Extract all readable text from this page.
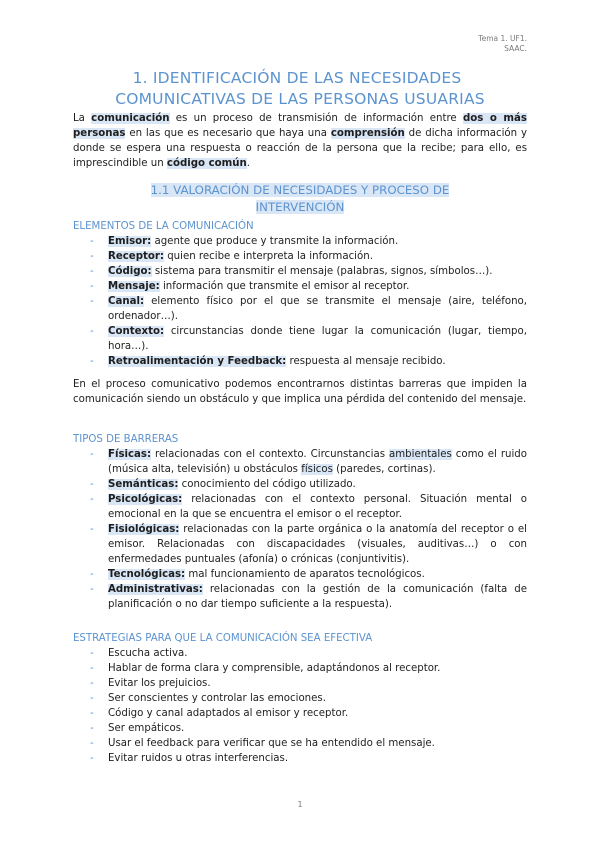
Tema 1. UF1.
SAAC.
1. IDENTIFICACIÓN DE LAS NECESIDADES
COMUNICATIVAS DE LAS PERSONAS USUARIAS

La comunicación es un proceso de transmisión de información entre dos o más personas en las que es necesario que haya una comprensión de dicha información y donde se espera una respuesta o reacción de la persona que la recibe; para ello, es imprescindible un código común.

1.1 VALORACIÓN DE NECESIDADES Y PROCESO DE INTERVENCIÓN
ELEMENTOS DE LA COMUNICACIÓN
- Emisor: agente que produce y transmite la información.
- Receptor: quien recibe e interpreta la información.
- Código: sistema para transmitir el mensaje (palabras, signos, símbolos…).
- Mensaje: información que transmite el emisor al receptor.
- Canal: elemento físico por el que se transmite el mensaje (aire, teléfono, ordenador…).
- Contexto: circunstancias donde tiene lugar la comunicación (lugar, tiempo, hora…).
- Retroalimentación y Feedback: respuesta al mensaje recibido.

En el proceso comunicativo podemos encontrarnos distintas barreras que impiden la comunicación siendo un obstáculo y que implica una pérdida del contenido del mensaje.

TIPOS DE BARRERAS
- Físicas: relacionadas con el contexto. Circunstancias ambientales como el ruido (música alta, televisión) u obstáculos físicos (paredes, cortinas).
- Semánticas: conocimiento del código utilizado.
- Psicológicas: relacionadas con el contexto personal. Situación mental o emocional en la que se encuentra el emisor o el receptor.
- Fisiológicas: relacionadas con la parte orgánica o la anatomía del receptor o el emisor. Relacionadas con discapacidades (visuales, auditivas…) o con enfermedades puntuales (afonía) o crónicas (conjuntivitis).
- Tecnológicas: mal funcionamiento de aparatos tecnológicos.
- Administrativas: relacionadas con la gestión de la comunicación (falta de planificación o no dar tiempo suficiente a la respuesta).
ESTRATEGIAS PARA QUE LA COMUNICACIÓN SEA EFECTIVA
- Escucha activa.
- Hablar de forma clara y comprensible, adaptándonos al receptor.
- Evitar los prejuicios.
- Ser conscientes y controlar las emociones.
- Código y canal adaptados al emisor y receptor.
- Ser empáticos.
- Usar el feedback para verificar que se ha entendido el mensaje.
- Evitar ruidos u otras interferencias.
1
